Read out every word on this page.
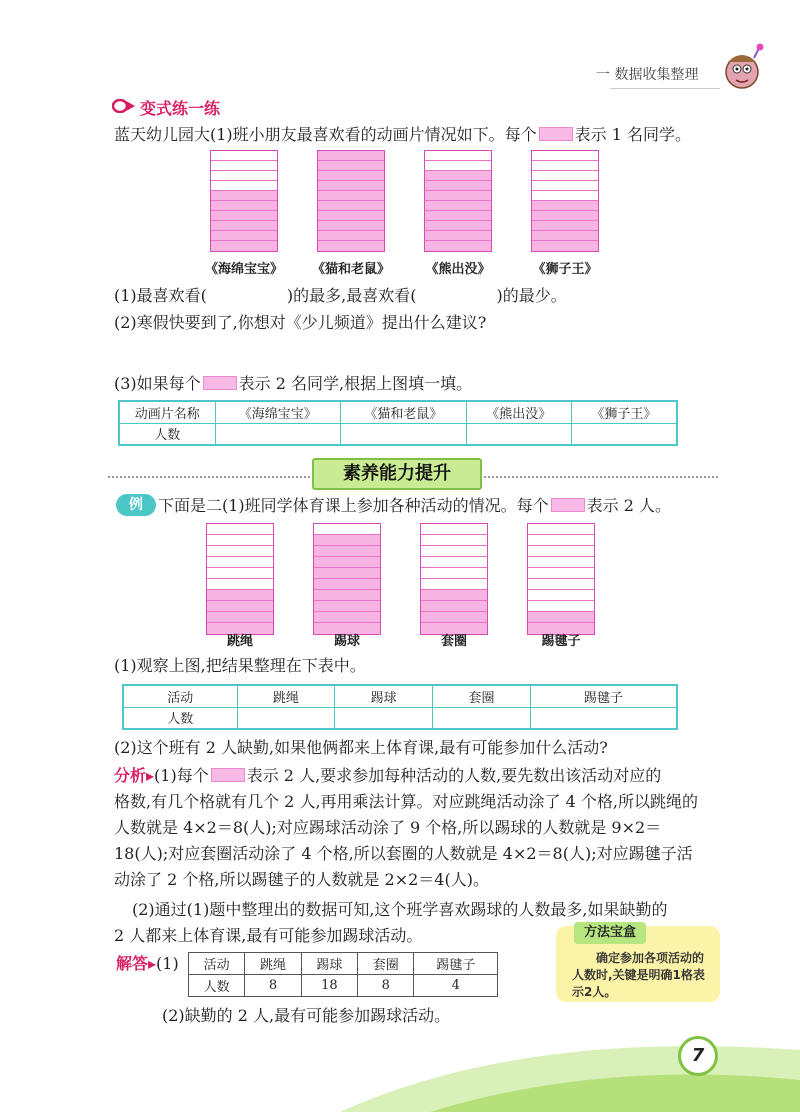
一 数据收集整理
变式练一练
蓝天幼儿园大(1)班小朋友最喜欢看的动画片情况如下。每个 表示 1 名同学。
《海绵宝宝》	《猫和老鼠》	《熊出没》	《狮子王》
(1)最喜欢看(　　　　　)的最多,最喜欢看(　　　　　)的最少。
(2)寒假快要到了,你想对《少儿频道》提出什么建议?
(3)如果每个 表示 2 名同学,根据上图填一填。
动画片名称	《海绵宝宝》	《猫和老鼠》	《熊出没》	《狮子王》
人数				
素养能力提升
例 下面是二(1)班同学体育课上参加各种活动的情况。每个 表示 2 人。
跳绳	踢球	套圈	踢毽子
(1)观察上图,把结果整理在下表中。
活动	跳绳	踢球	套圈	踢毽子
人数				
(2)这个班有 2 人缺勤,如果他俩都来上体育课,最有可能参加什么活动?
分析▸(1)每个 表示 2 人,要求参加每种活动的人数,要先数出该活动对应的
格数,有几个格就有几个 2 人,再用乘法计算。对应跳绳活动涂了 4 个格,所以跳绳的
人数就是 4×2＝8(人);对应踢球活动涂了 9 个格,所以踢球的人数就是 9×2＝
18(人);对应套圈活动涂了 4 个格,所以套圈的人数就是 4×2＝8(人);对应踢毽子活
动涂了 2 个格,所以踢毽子的人数就是 2×2＝4(人)。
(2)通过(1)题中整理出的数据可知,这个班学喜欢踢球的人数最多,如果缺勤的
2 人都来上体育课,最有可能参加踢球活动。
解答▸(1) 活动	跳绳	踢球	套圈	踢毽子
人数	8	18	8	4
(2)缺勤的 2 人,最有可能参加踢球活动。
方法宝盒
确定参加各项活动的人数时,关键是明确1格表示2人。
7
